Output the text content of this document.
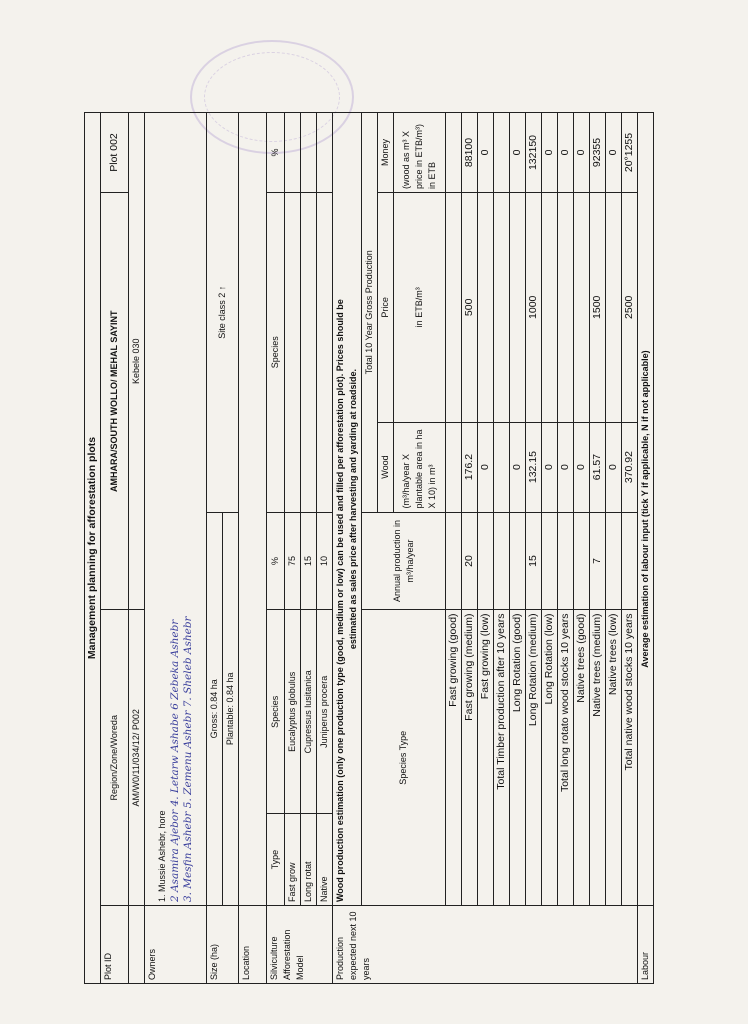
Management planning for afforestation plots						
Plot ID	Region/Zone/Woreda		AMHARA/SOUTH WOLLO/ MEHAL SAYINT			Plot 002
	AM/W0/11/034/12/ P002		Kebele 030			
Owners	1. Mussie Ashebr, hore 2 Asamira Ajebor 4. Letarw Ashabe 6 Zebeka Ashebr 3. Mesfin Ashebr 5. Zemenu Ashebr 7. Sheleb Ashebr					

Size (ha)	Gross: 0.84 ha			Site class 2 ↑		
	Plantable: 0.84 ha					
Location						

Silviculture Afforestation Model	Type	Species	%	Species		%
	Fast grow	Eucalyptus globulus	75			
	Long rotat	Cupressus lusitanica	15			
	Native	Juniperus procera	10			
Production expected next 10 years	Wood production estimation (only one production type (good, medium or low) can be used and filled per afforestation plot). Prices should be estimated as sales price after harvesting and yarding at roadside.					

	Species Type		Annual production in m³/ha/year	Total 10 Year Gross Production		
				Wood	Price	Money
				(m³/ha/year X plantable area in ha X 10) in m³	in ETB/m³	(wood as m³ X price in ETB/m³) in ETB
	Fast growing (good)					
	Fast growing (medium)		20	176.2	500	88100
	Fast growing (low)			0		0
	Total Timber production after 10 years					
	Long Rotation (good)			0		0
	Long Rotation (medium)		15	132.15	1000	132150
	Long Rotation (low)			0		0
	Total long rotato wood stocks 10 years			0		0
	Native trees (good)			0		0
	Native trees (medium)		7	61.57	1500	92355
	Native trees (low)			0		0
	Total native wood stocks 10 years			370.92	2500	20°1255
Labour	Average estimation of labour input (tick Y if applicable, N if not applicable)					
